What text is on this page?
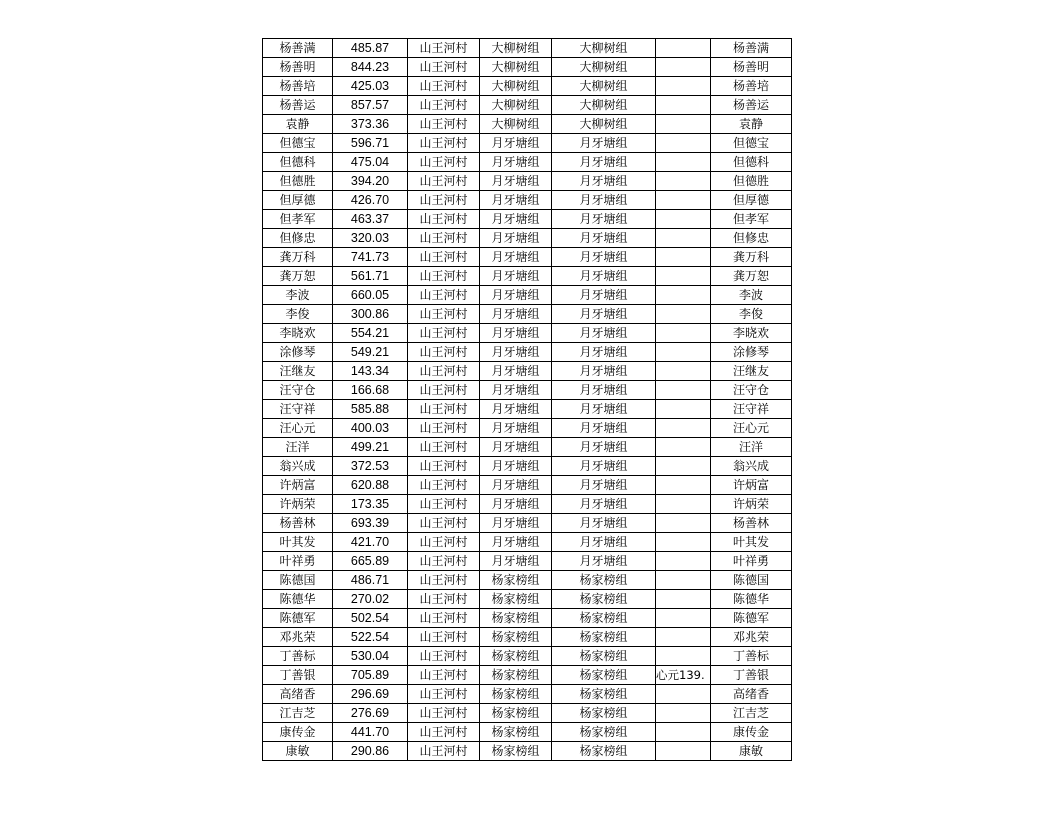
杨善满	485.87	山王河村	大柳树组	大柳树组		杨善满
杨善明	844.23	山王河村	大柳树组	大柳树组		杨善明
杨善培	425.03	山王河村	大柳树组	大柳树组		杨善培
杨善运	857.57	山王河村	大柳树组	大柳树组		杨善运
袁静	373.36	山王河村	大柳树组	大柳树组		袁静
但德宝	596.71	山王河村	月牙塘组	月牙塘组		但德宝
但德科	475.04	山王河村	月牙塘组	月牙塘组		但德科
但德胜	394.20	山王河村	月牙塘组	月牙塘组		但德胜
但厚德	426.70	山王河村	月牙塘组	月牙塘组		但厚德
但孝军	463.37	山王河村	月牙塘组	月牙塘组		但孝军
但修忠	320.03	山王河村	月牙塘组	月牙塘组		但修忠
龚万科	741.73	山王河村	月牙塘组	月牙塘组		龚万科
龚万恕	561.71	山王河村	月牙塘组	月牙塘组		龚万恕
李波	660.05	山王河村	月牙塘组	月牙塘组		李波
李俊	300.86	山王河村	月牙塘组	月牙塘组		李俊
李晓欢	554.21	山王河村	月牙塘组	月牙塘组		李晓欢
涂修琴	549.21	山王河村	月牙塘组	月牙塘组		涂修琴
汪继友	143.34	山王河村	月牙塘组	月牙塘组		汪继友
汪守仓	166.68	山王河村	月牙塘组	月牙塘组		汪守仓
汪守祥	585.88	山王河村	月牙塘组	月牙塘组		汪守祥
汪心元	400.03	山王河村	月牙塘组	月牙塘组		汪心元
汪洋	499.21	山王河村	月牙塘组	月牙塘组		汪洋
翁兴成	372.53	山王河村	月牙塘组	月牙塘组		翁兴成
许炳富	620.88	山王河村	月牙塘组	月牙塘组		许炳富
许炳荣	173.35	山王河村	月牙塘组	月牙塘组		许炳荣
杨善林	693.39	山王河村	月牙塘组	月牙塘组		杨善林
叶其发	421.70	山王河村	月牙塘组	月牙塘组		叶其发
叶祥勇	665.89	山王河村	月牙塘组	月牙塘组		叶祥勇
陈德国	486.71	山王河村	杨家榜组	杨家榜组		陈德国
陈德华	270.02	山王河村	杨家榜组	杨家榜组		陈德华
陈德军	502.54	山王河村	杨家榜组	杨家榜组		陈德军
邓兆荣	522.54	山王河村	杨家榜组	杨家榜组		邓兆荣
丁善标	530.04	山王河村	杨家榜组	杨家榜组		丁善标
丁善银	705.89	山王河村	杨家榜组	杨家榜组	心元139.	丁善银
高绪香	296.69	山王河村	杨家榜组	杨家榜组		高绪香
江吉芝	276.69	山王河村	杨家榜组	杨家榜组		江吉芝
康传金	441.70	山王河村	杨家榜组	杨家榜组		康传金
康敏	290.86	山王河村	杨家榜组	杨家榜组		康敏
